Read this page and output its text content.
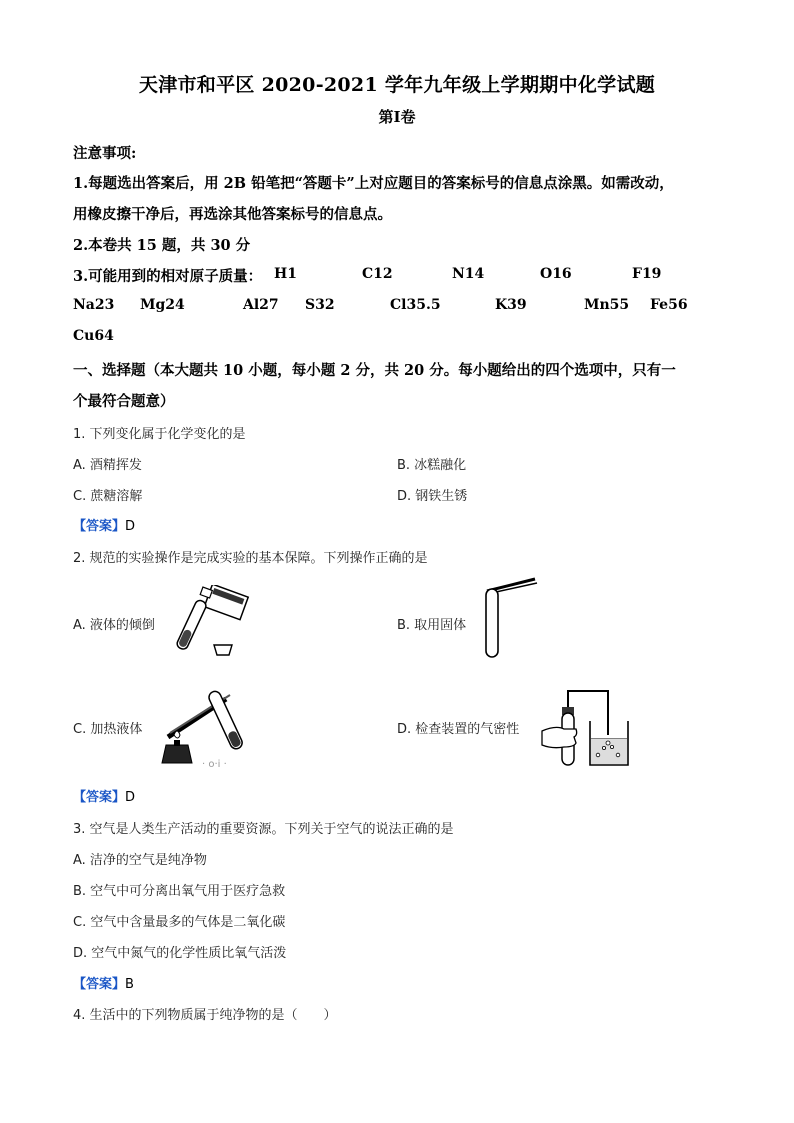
天津市和平区 2020-2021 学年九年级上学期期中化学试题
第Ⅰ卷
注意事项:
1.每题选出答案后，用 2B 铅笔把“答题卡”上对应题目的答案标号的信息点涂黑。如需改动，
用橡皮擦干净后，再选涂其他答案标号的信息点。
2.本卷共 15 题，共 30 分
3.可能用到的相对原子质量： H1	C12	N14	O16	F19
Na23 Mg24	Al27 S32	Cl35.5	K39	Mn55 Fe56
Cu64
一、选择题（本大题共 10 小题，每小题 2 分，共 20 分。每小题给出的四个选项中，只有一
个最符合题意）
1. 下列变化属于化学变化的是
A. 酒精挥发	B. 冰糕融化
C. 蔗糖溶解	D. 钢铁生锈
【答案】D
2. 规范的实验操作是完成实验的基本保障。下列操作正确的是
A. 液体的倾倒	B. 取用固体
C. 加热液体	D. 检查装置的气密性
· o·i ·
【答案】D
3. 空气是人类生产活动的重要资源。下列关于空气的说法正确的是
A. 洁净的空气是纯净物
B. 空气中可分离出氧气用于医疗急救
C. 空气中含量最多的气体是二氧化碳
D. 空气中氮气的化学性质比氧气活泼
【答案】B
4. 生活中的下列物质属于纯净物的是（　　）
